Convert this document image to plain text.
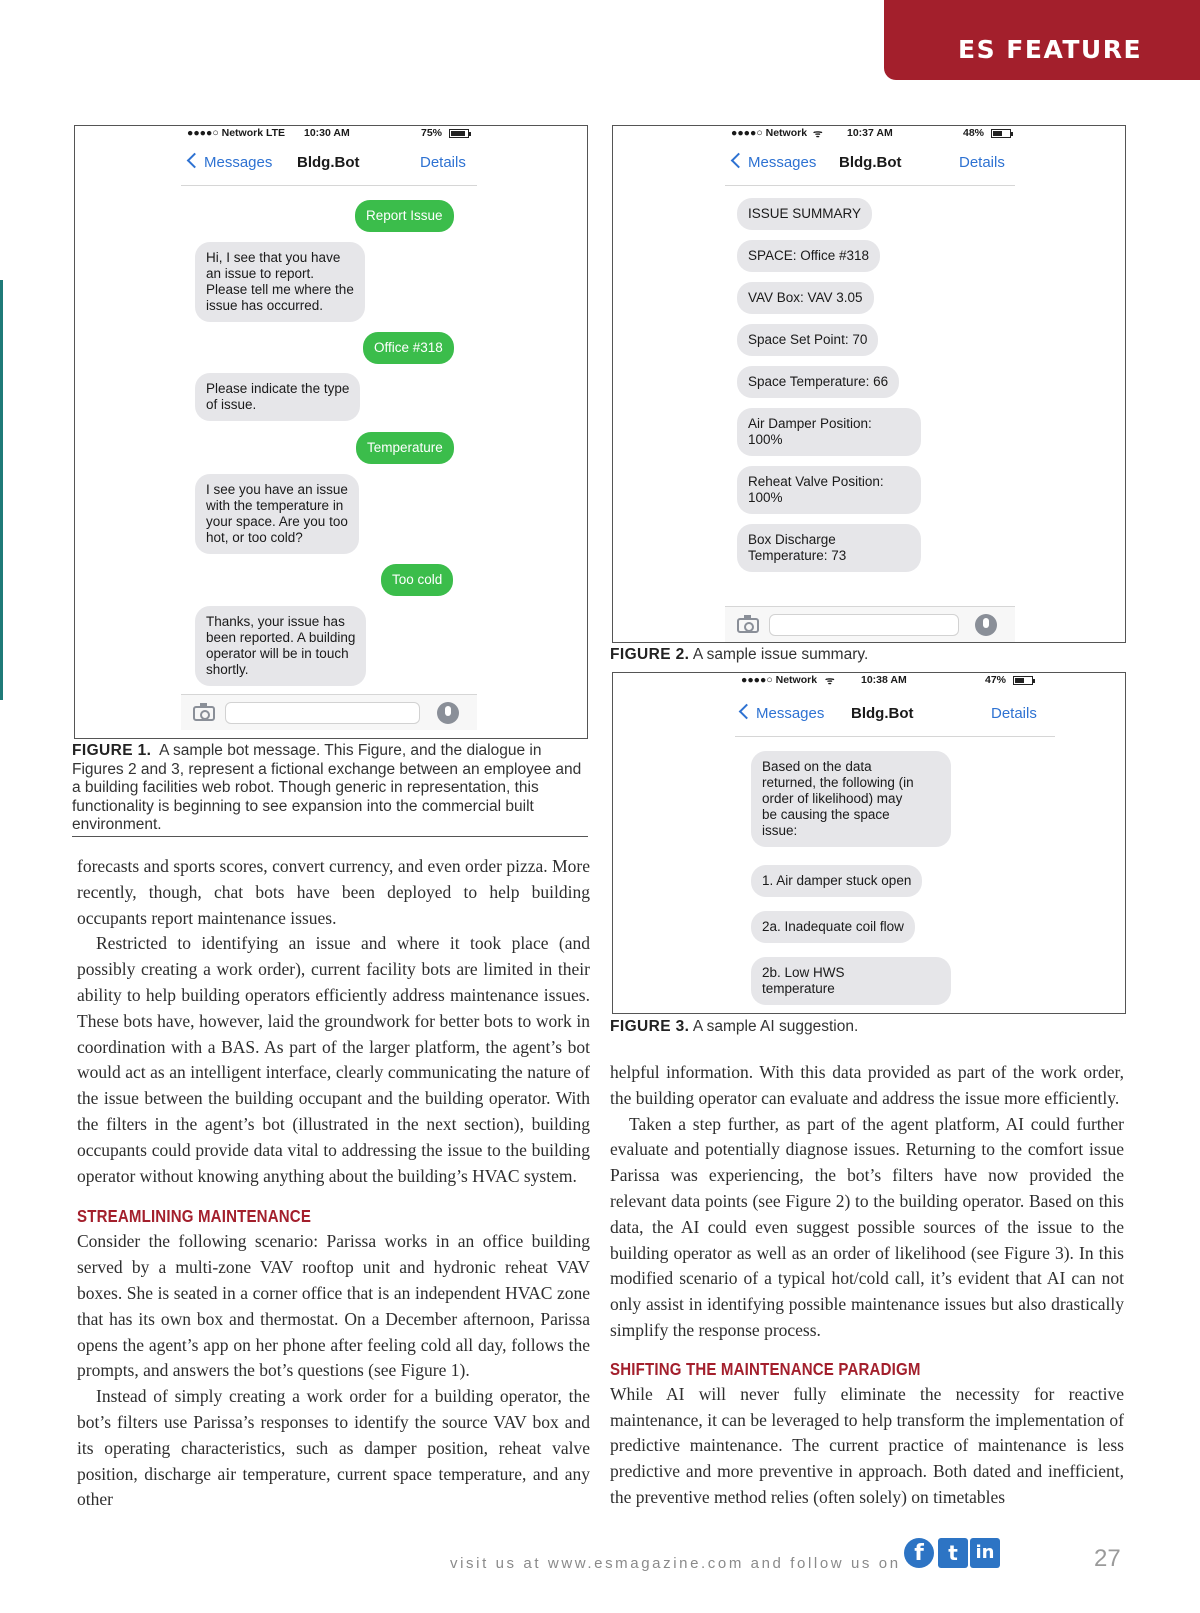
ES FEATURE
●●●●○ Network LTE 10:30 AM	75%
Messages Bldg.Bot	Details
Report Issue
Hi, I see that you have
an issue to report.
Please tell me where the
issue has occurred.
Office #318
Please indicate the type
of issue.
Temperature
I see you have an issue
with the temperature in
your space. Are you too
hot, or too cold?
Too cold
Thanks, your issue has
been reported. A building
operator will be in touch
shortly.
FIGURE 1. A sample bot message. This Figure, and the dialogue in Figures 2 and 3, represent a fictional exchange between an employee and a building facilities web robot. Though generic in representation, this functionality is beginning to see expansion into the commercial built environment.
●●●●○ Network ᯤ 10:37 AM	48%
Messages Bldg.Bot	Details
ISSUE SUMMARY
SPACE: Office #318
VAV Box: VAV 3.05
Space Set Point: 70
Space Temperature: 66
Air Damper Position:
100%
Reheat Valve Position:
100%
Box Discharge
Temperature: 73
FIGURE 2. A sample issue summary.
●●●●○ Network ᯤ	10:38 AM	47%
Messages Bldg.Bot	Details
Based on the data
returned, the following (in
order of likelihood) may
be causing the space
issue:
1. Air damper stuck open
2a. Inadequate coil flow
2b. Low HWS
temperature
FIGURE 3. A sample AI suggestion.

forecasts and sports scores, convert currency, and even order pizza. More recently, though, chat bots have been deployed to help building occupants report maintenance issues.

Restricted to identifying an issue and where it took place (and possibly creating a work order), current facility bots are limited in their ability to help building operators efficiently address maintenance issues. These bots have, however, laid the groundwork for better bots to work in coordination with a BAS. As part of the larger platform, the agent’s bot would act as an intelligent interface, clearly communicating the nature of the issue between the building occupant and the building operator. With the filters in the agent’s bot (illustrated in the next section), building occupants could provide data vital to addressing the issue to the building operator without knowing anything about the building’s HVAC system.

STREAMLINING MAINTENANCE

Consider the following scenario: Parissa works in an office building served by a multi-zone VAV rooftop unit and hydronic reheat VAV boxes. She is seated in a corner office that is an independent HVAC zone that has its own box and thermostat. On a December afternoon, Parissa opens the agent’s app on her phone after feeling cold all day, follows the prompts, and answers the bot’s questions (see Figure 1).

Instead of simply creating a work order for a building operator, the bot’s filters use Parissa’s responses to identify the source VAV box and its operating characteristics, such as damper position, reheat valve position, discharge air temperature, current space temperature, and any other

helpful information. With this data provided as part of the work order, the building operator can evaluate and address the issue more efficiently.

Taken a step further, as part of the agent platform, AI could further evaluate and potentially diagnose issues. Returning to the comfort issue Parissa was experiencing, the bot’s filters have now provided the relevant data points (see Figure 2) to the building operator. Based on this data, the AI could even suggest possible sources of the issue to the building operator as well as an order of likelihood (see Figure 3). In this modified scenario of a typical hot/cold call, it’s evident that AI can not only assist in identifying possible maintenance issues but also drastically simplify the response process.

SHIFTING THE MAINTENANCE PARADIGM

While AI will never fully eliminate the necessity for reactive maintenance, it can be leveraged to help transform the implementation of predictive maintenance. The current practice of maintenance is less predictive and more preventive in approach. Both dated and inefficient, the preventive method relies (often solely) on timetables

visit us at www.esmagazine.com and follow us on f	t in	27
